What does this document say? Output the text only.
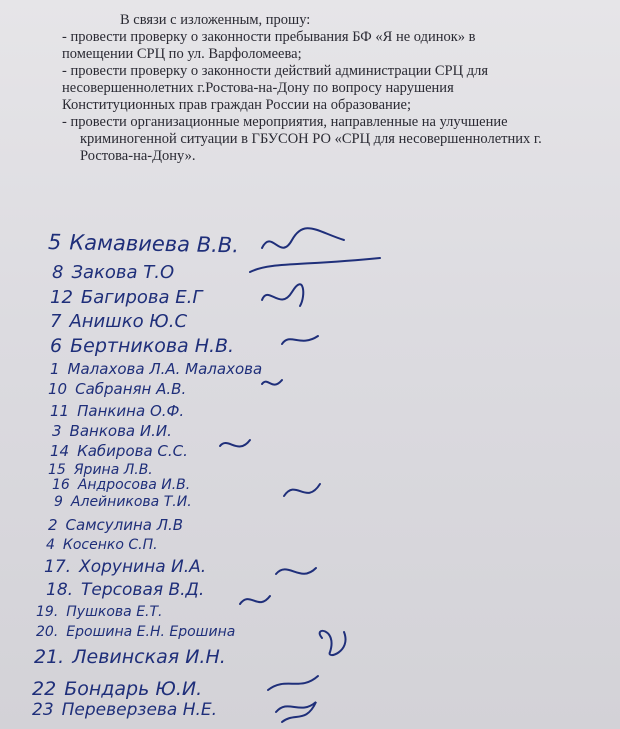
В связи с изложенным, прошу:
- провести проверку о законности пребывания БФ «Я не одинок» в
помещении СРЦ по ул. Варфоломеева;
- провести проверку о законности действий администрации СРЦ для
несовершеннолетних г.Ростова-на-Дону по вопросу нарушения
Конституционных прав граждан России на образование;
- провести организационные мероприятия, направленные на улучшение
криминогенной ситуации в ГБУСОН РО «СРЦ для несовершеннолетних г.
Ростова-на-Дону».
5 Камавиева В.В.
8 Закова Т.О
12 Багирова Е.Г
7 Анишко Ю.С
6 Бертникова Н.В.
1 Малахова Л.А. Малахова
10 Сабранян А.В.
11 Панкина О.Ф.
3 Ванкова И.И.
14 Кабирова С.С.
15 Ярина Л.В.
16 Андросова И.В.
9 Алейникова Т.И.
2 Самсулина Л.В
4 Косенко С.П.
17. Хорунина И.А.
18. Терсовая В.Д.
19. Пушкова Е.Т.
20. Ерошина Е.Н. Ерошина
21. Левинская И.Н.
22 Бондарь Ю.И.
23 Переверзева Н.Е.
